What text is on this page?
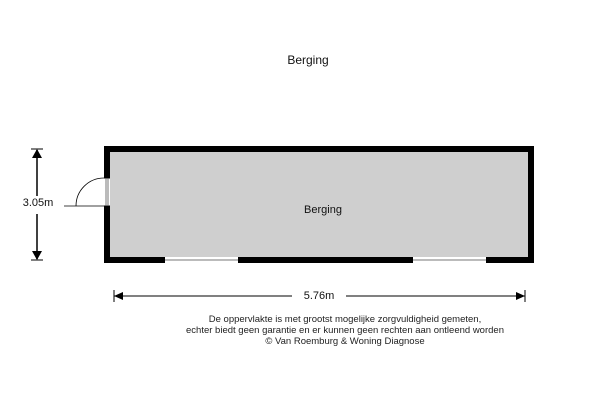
Berging
Berging
3.05m
5.76m
De oppervlakte is met grootst mogelijke zorgvuldigheid gemeten,
echter biedt geen garantie en er kunnen geen rechten aan ontleend worden
© Van Roemburg & Woning Diagnose
